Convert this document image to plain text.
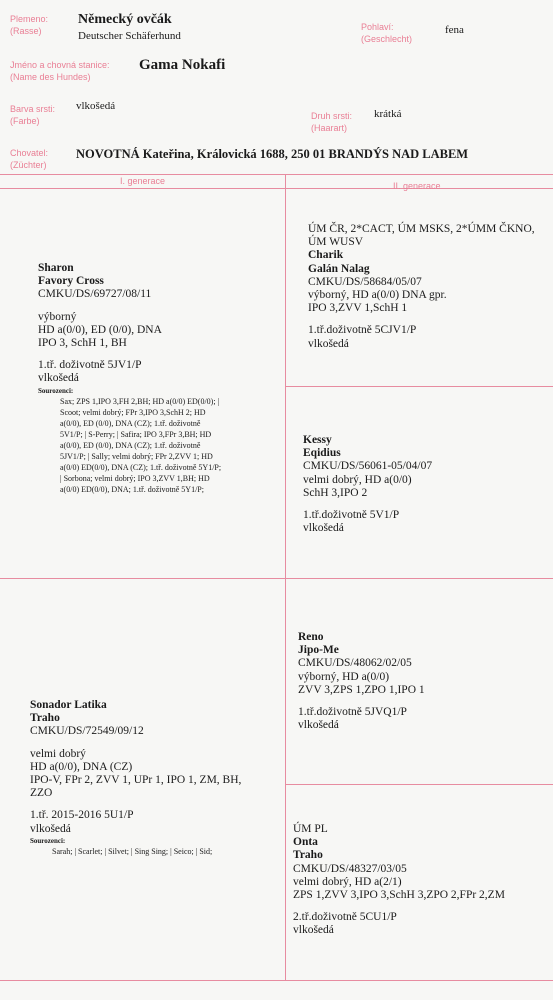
Plemeno:
(Rasse)
Německý ovčák
Deutscher Schäferhund
Pohlaví:
(Geschlecht)
fena
Jméno a chovná stanice:
(Name des Hundes)
Gama Nokafi
Barva srsti:
(Farbe)
vlkošedá
Druh srsti:
(Haarart)
krátká
Chovatel:
(Züchter)
NOVOTNÁ Kateřina, Královická 1688, 250 01 BRANDÝS NAD LABEM
I. generace	II. generace
Sharon
Favory Cross
CMKU/DS/69727/08/11
výborný
HD a(0/0), ED (0/0), DNA
IPO 3, SchH 1, BH
1.tř. doživotně 5JV1/P
vlkošedá
Sourozenci:
Sax; ZPS 1,IPO 3,FH 2,BH; HD a(0/0) ED(0/0); |
Scoot; velmi dobrý; FPr 3,IPO 3,SchH 2; HD
a(0/0), ED (0/0), DNA (CZ); 1.tř. doživotně
5V1/P; | S-Perry; | Safira; IPO 3,FPr 3,BH; HD
a(0/0), ED (0/0), DNA (CZ); 1.tř. doživotně
5JV1/P; | Sally; velmi dobrý; FPr 2,ZVV 1; HD
a(0/0) ED(0/0), DNA (CZ); 1.tř. doživotně 5Y1/P;
| Sorbona; velmi dobrý; IPO 3,ZVV 1,BH; HD
a(0/0) ED(0/0), DNA; 1.tř. doživotně 5Y1/P;
ÚM ČR, 2*CACT, ÚM MSKS, 2*ÚMM ČKNO,
ÚM WUSV
Charik
Galán Nalag
CMKU/DS/58684/05/07
výborný, HD a(0/0) DNA gpr.
IPO 3,ZVV 1,SchH 1
1.tř.doživotně 5CJV1/P
vlkošedá
Kessy
Eqidius
CMKU/DS/56061-05/04/07
velmi dobrý, HD a(0/0)
SchH 3,IPO 2
1.tř.doživotně 5V1/P
vlkošedá
Sonador Latika
Traho
CMKU/DS/72549/09/12
velmi dobrý
HD a(0/0), DNA (CZ)
IPO-V, FPr 2, ZVV 1, UPr 1, IPO 1, ZM, BH,
ZZO
1.tř. 2015-2016 5U1/P
vlkošedá
Sourozenci:
Sarah; | Scarlet; | Silvet; | Sing Sing; | Seico; | Sid;
Reno
Jipo-Me
CMKU/DS/48062/02/05
výborný, HD a(0/0)
ZVV 3,ZPS 1,ZPO 1,IPO 1
1.tř.doživotně 5JVQ1/P
vlkošedá
ÚM PL
Onta
Traho
CMKU/DS/48327/03/05
velmi dobrý, HD a(2/1)
ZPS 1,ZVV 3,IPO 3,SchH 3,ZPO 2,FPr 2,ZM
2.tř.doživotně 5CU1/P
vlkošedá
